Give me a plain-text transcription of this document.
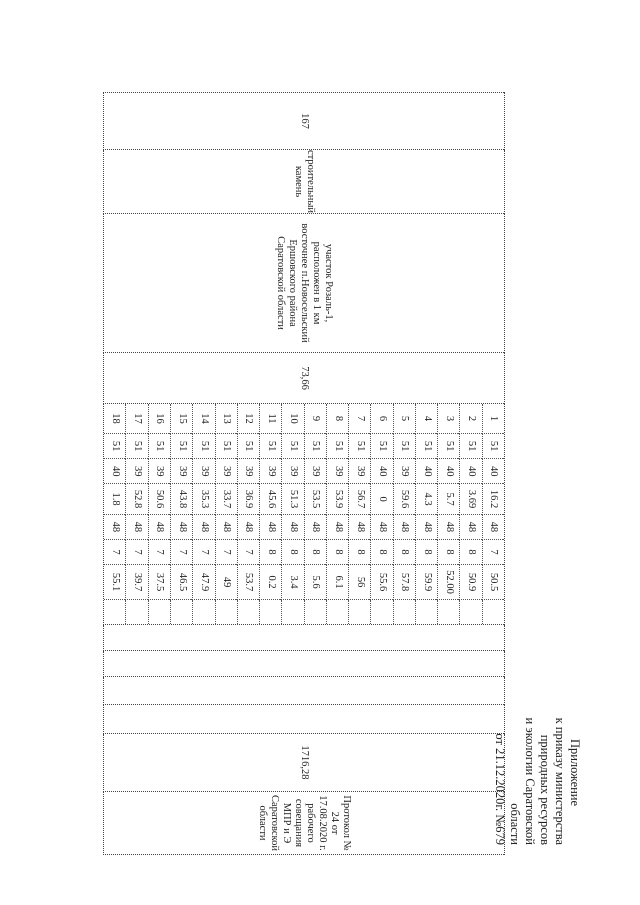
Приложение
к приказу министерства природных ресурсов
и экологии Саратовской области
от 21.12.2020г. №679
167	строительный камень	участок Розаль-1, расположен в 1 км восточнее п.Новосельский Ершовского района Саратовской области	73,66	
1	51	40	16.2	48	7	50.5	
2	51	40	3.69	48	8	50.9	
3	51	40	5.7	48	8	52.00	
4	51	40	4.3	48	8	59.9	
5	51	39	59.6	48	8	57.8	
6	51	40	0	48	8	55.6	
7	51	39	56.7	48	8	56	
8	51	39	53.9	48	8	6.1	
9	51	39	53.5	48	8	5.6	
10	51	39	51.3	48	8	3.4	
11	51	39	45.6	48	8	0.2	
12	51	39	36.9	48	7	53.7	
13	51	39	33.7	48	7	49	
14	51	39	35.3	48	7	47.9	
15	51	39	43.8	48	7	46.5	
16	51	39	50.6	48	7	37.5	
17	51	39	52.8	48	7	39.7	
18	51	40	1.8	48	7	55.1	
					1716,28	Протокол № 24 от 17.08.2020 г. рабочего совещания МПР и Э Саратовской области
